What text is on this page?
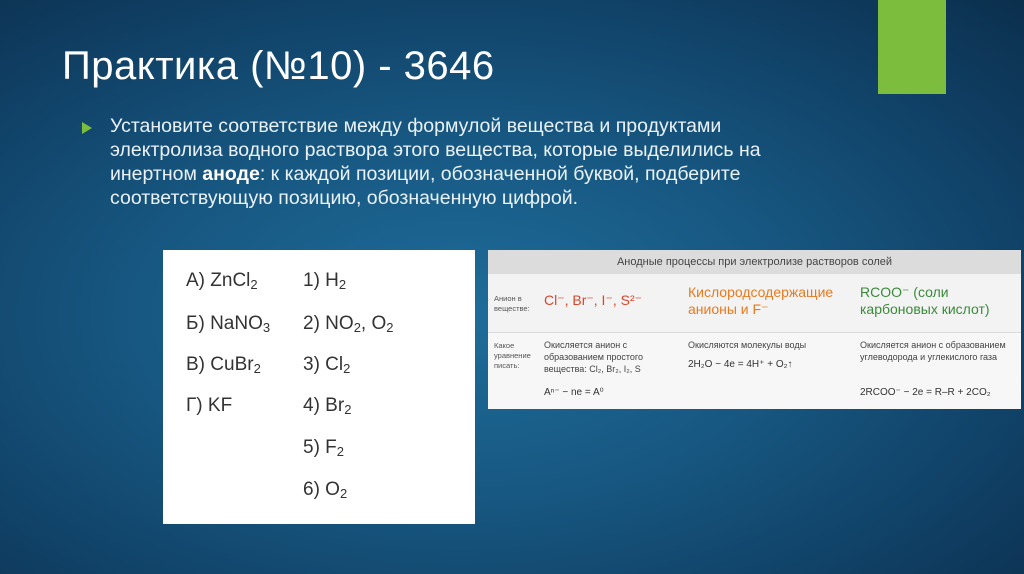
Практика (№10) - 3646
Установите соответствие между формулой вещества и продуктами электролиза водного раствора этого вещества, которые выделились на инертном аноде: к каждой позиции, обозначенной буквой, подберите соответствующую позицию, обозначенную цифрой.
А) ZnCl$_2$
Б) NaNO$_3$
В) CuBr$_2$
Г) KF
1) $H_2$
2) $NO_2$, $O_2$
3) $Cl_2$
4) $Br_2$
5) $F_2$
6) $O_2$
Анодные процессы при электролизе растворов солей
Анион в веществе:
Cl⁻, Br⁻, I⁻, S²⁻	Кислородсодержащие анионы и F⁻
RCOO⁻ (соли карбоновых кислот)
Какое уравнение писать:
Окисляется анион с образованием простого вещества: Cl₂, Br₂, I₂, S
Aⁿ⁻ − ne = A⁰
Окисляются молекулы воды
2H₂O − 4e = 4H⁺ + O₂↑
Окисляется анион с образованием углеводорода и углекислого газа
2RCOO⁻ − 2e = R–R + 2CO₂
